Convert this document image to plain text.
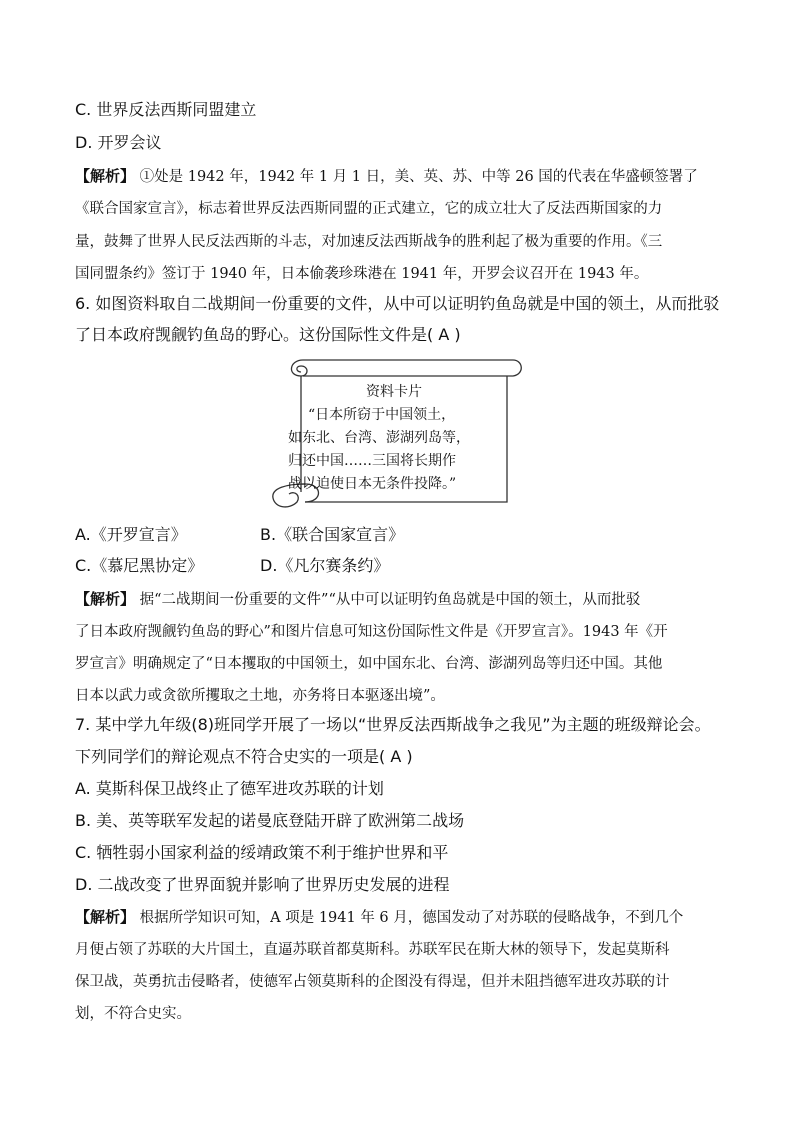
C. 世界反法西斯同盟建立
D. 开罗会议
【解析】 ①处是 1942 年，1942 年 1 月 1 日，美、英、苏、中等 26 国的代表在华盛顿签署了
《联合国家宣言》，标志着世界反法西斯同盟的正式建立，它的成立壮大了反法西斯国家的力
量，鼓舞了世界人民反法西斯的斗志，对加速反法西斯战争的胜利起了极为重要的作用。《三
国同盟条约》签订于 1940 年，日本偷袭珍珠港在 1941 年，开罗会议召开在 1943 年。
6. 如图资料取自二战期间一份重要的文件，从中可以证明钓鱼岛就是中国的领土，从而批驳
了日本政府觊觎钓鱼岛的野心。这份国际性文件是( A )
资料卡片
“日本所窃于中国领土，
如东北、台湾、澎湖列岛等，
归还中国……三国将长期作
战以迫使日本无条件投降。”
A.《开罗宣言》	B.《联合国家宣言》
C.《慕尼黑协定》	D.《凡尔赛条约》
【解析】 据“二战期间一份重要的文件”“从中可以证明钓鱼岛就是中国的领土，从而批驳
了日本政府觊觎钓鱼岛的野心”和图片信息可知这份国际性文件是《开罗宣言》。1943 年《开
罗宣言》明确规定了“日本攫取的中国领土，如中国东北、台湾、澎湖列岛等归还中国。其他
日本以武力或贪欲所攫取之土地，亦务将日本驱逐出境”。
7. 某中学九年级(8)班同学开展了一场以“世界反法西斯战争之我见”为主题的班级辩论会。
下列同学们的辩论观点不符合史实的一项是( A )
A. 莫斯科保卫战终止了德军进攻苏联的计划
B. 美、英等联军发起的诺曼底登陆开辟了欧洲第二战场
C. 牺牲弱小国家利益的绥靖政策不利于维护世界和平
D. 二战改变了世界面貌并影响了世界历史发展的进程
【解析】 根据所学知识可知，A 项是 1941 年 6 月，德国发动了对苏联的侵略战争，不到几个
月便占领了苏联的大片国土，直逼苏联首都莫斯科。苏联军民在斯大林的领导下，发起莫斯科
保卫战，英勇抗击侵略者，使德军占领莫斯科的企图没有得逞，但并未阻挡德军进攻苏联的计
划，不符合史实。
